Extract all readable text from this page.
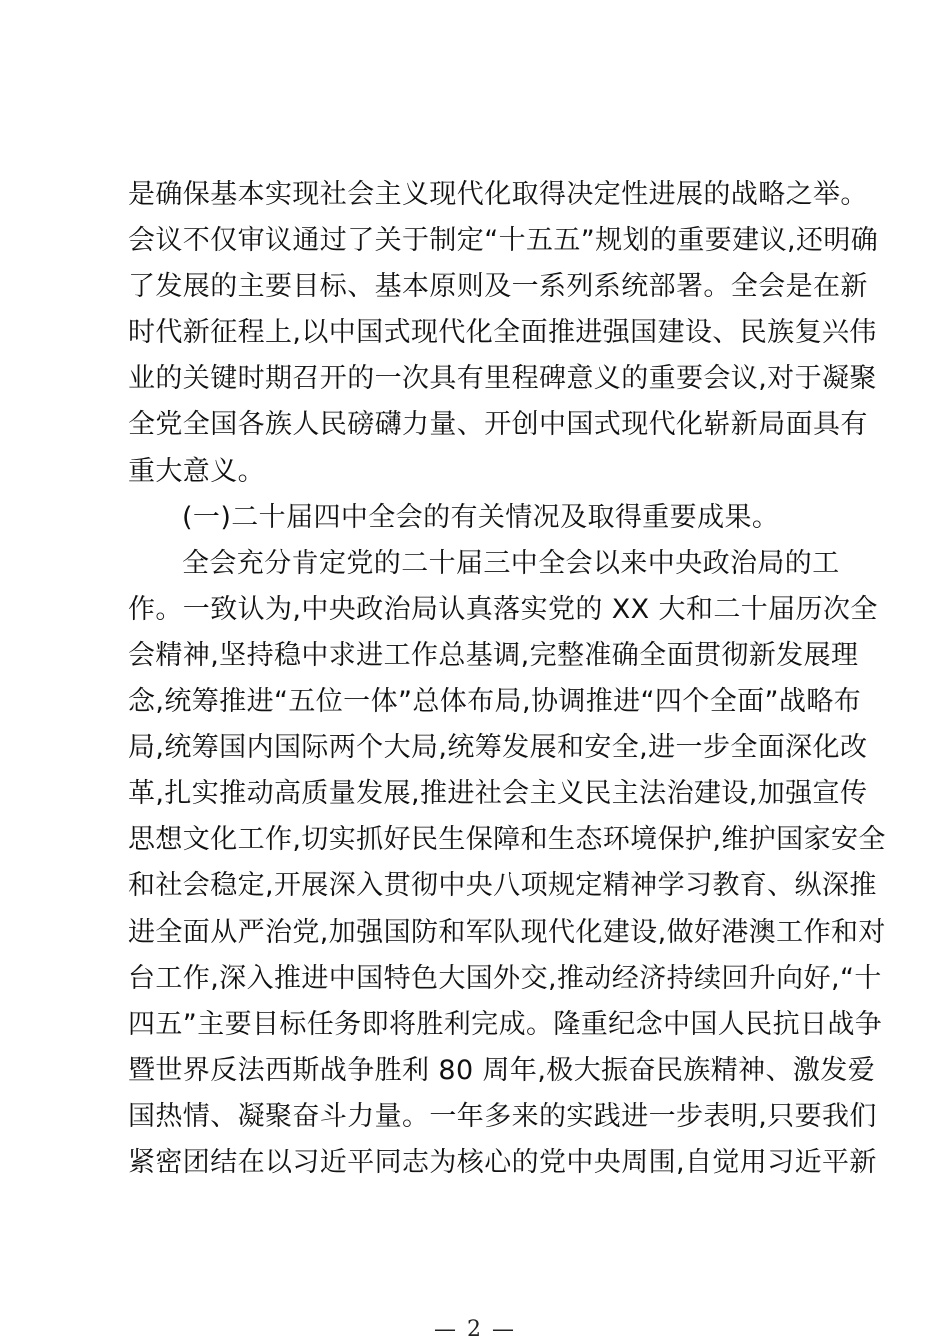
是确保基本实现社会主义现代化取得决定性进展的战略之举。
会议不仅审议通过了关于制定“十五五”规划的重要建议,还明确
了发展的主要目标、基本原则及一系列系统部署。全会是在新
时代新征程上,以中国式现代化全面推进强国建设、民族复兴伟
业的关键时期召开的一次具有里程碑意义的重要会议,对于凝聚
全党全国各族人民磅礴力量、开创中国式现代化崭新局面具有
重大意义。
(一)二十届四中全会的有关情况及取得重要成果。
全会充分肯定党的二十届三中全会以来中央政治局的工
作。一致认为,中央政治局认真落实党的 XX 大和二十届历次全
会精神,坚持稳中求进工作总基调,完整准确全面贯彻新发展理
念,统筹推进“五位一体”总体布局,协调推进“四个全面”战略布
局,统筹国内国际两个大局,统筹发展和安全,进一步全面深化改
革,扎实推动高质量发展,推进社会主义民主法治建设,加强宣传
思想文化工作,切实抓好民生保障和生态环境保护,维护国家安全
和社会稳定,开展深入贯彻中央八项规定精神学习教育、纵深推
进全面从严治党,加强国防和军队现代化建设,做好港澳工作和对
台工作,深入推进中国特色大国外交,推动经济持续回升向好,“十
四五”主要目标任务即将胜利完成。隆重纪念中国人民抗日战争
暨世界反法西斯战争胜利 80 周年,极大振奋民族精神、激发爱
国热情、凝聚奋斗力量。一年多来的实践进一步表明,只要我们
紧密团结在以习近平同志为核心的党中央周围,自觉用习近平新
— 2 —
